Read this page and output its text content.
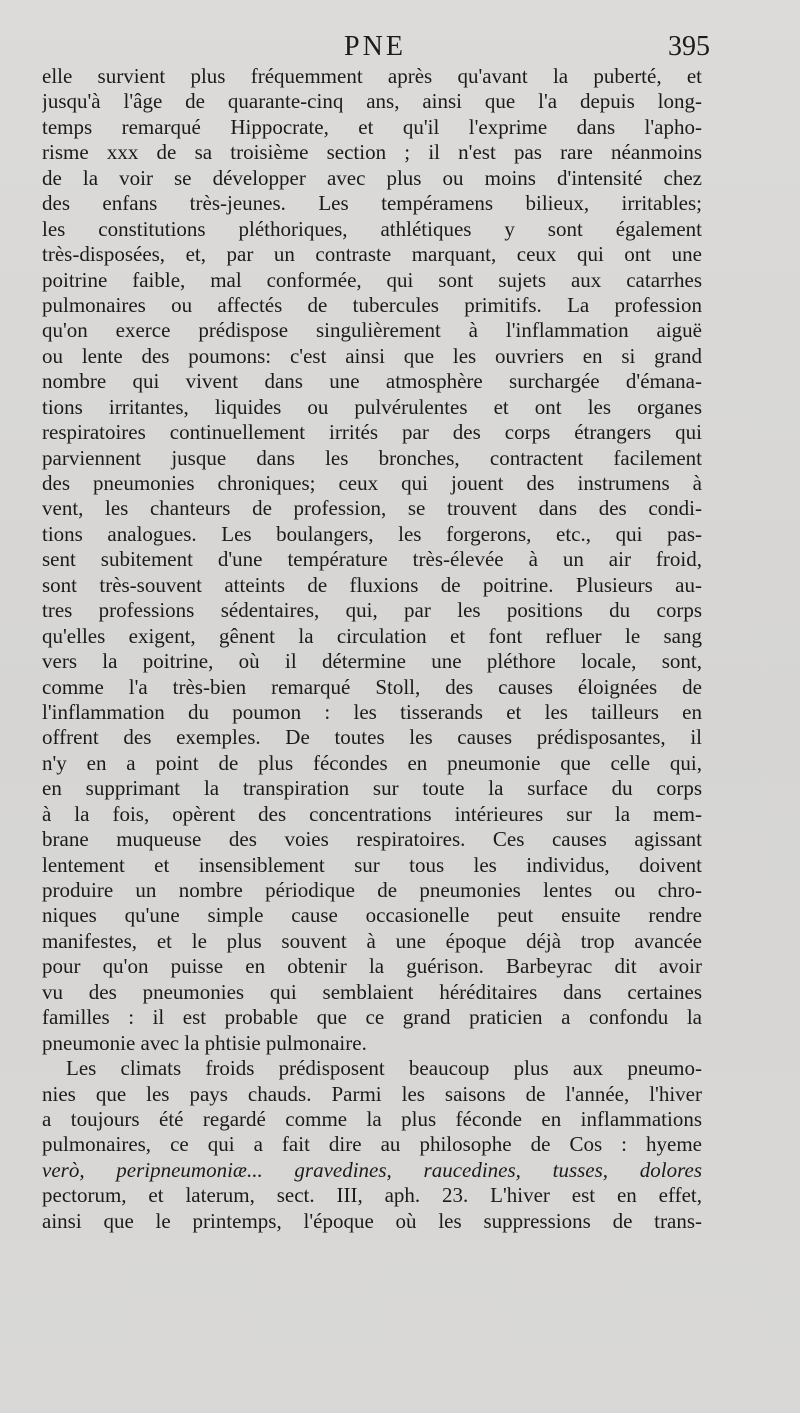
PNE	395
elle survient plus fréquemment après qu'avant la puberté, et
jusqu'à l'âge de quarante-cinq ans, ainsi que l'a depuis long-
temps remarqué Hippocrate, et qu'il l'exprime dans l'apho-
risme xxx de sa troisième section ; il n'est pas rare néanmoins
de la voir se développer avec plus ou moins d'intensité chez
des enfans très-jeunes. Les tempéramens bilieux, irritables;
les constitutions pléthoriques, athlétiques y sont également
très-disposées, et, par un contraste marquant, ceux qui ont une
poitrine faible, mal conformée, qui sont sujets aux catarrhes
pulmonaires ou affectés de tubercules primitifs. La profession
qu'on exerce prédispose singulièrement à l'inflammation aiguë
ou lente des poumons: c'est ainsi que les ouvriers en si grand
nombre qui vivent dans une atmosphère surchargée d'émana-
tions irritantes, liquides ou pulvérulentes et ont les organes
respiratoires continuellement irrités par des corps étrangers qui
parviennent jusque dans les bronches, contractent facilement
des pneumonies chroniques; ceux qui jouent des instrumens à
vent, les chanteurs de profession, se trouvent dans des condi-
tions analogues. Les boulangers, les forgerons, etc., qui pas-
sent subitement d'une température très-élevée à un air froid,
sont très-souvent atteints de fluxions de poitrine. Plusieurs au-
tres professions sédentaires, qui, par les positions du corps
qu'elles exigent, gênent la circulation et font refluer le sang
vers la poitrine, où il détermine une pléthore locale, sont,
comme l'a très-bien remarqué Stoll, des causes éloignées de
l'inflammation du poumon : les tisserands et les tailleurs en
offrent des exemples. De toutes les causes prédisposantes, il
n'y en a point de plus fécondes en pneumonie que celle qui,
en supprimant la transpiration sur toute la surface du corps
à la fois, opèrent des concentrations intérieures sur la mem-
brane muqueuse des voies respiratoires. Ces causes agissant
lentement et insensiblement sur tous les individus, doivent
produire un nombre périodique de pneumonies lentes ou chro-
niques qu'une simple cause occasionelle peut ensuite rendre
manifestes, et le plus souvent à une époque déjà trop avancée
pour qu'on puisse en obtenir la guérison. Barbeyrac dit avoir
vu des pneumonies qui semblaient héréditaires dans certaines
familles : il est probable que ce grand praticien a confondu la
pneumonie avec la phtisie pulmonaire.
Les climats froids prédisposent beaucoup plus aux pneumo-
nies que les pays chauds. Parmi les saisons de l'année, l'hiver
a toujours été regardé comme la plus féconde en inflammations
pulmonaires, ce qui a fait dire au philosophe de Cos : hyeme
verò, peripneumoniæ... gravedines, raucedines, tusses, dolores
pectorum, et laterum, sect. III, aph. 23. L'hiver est en effet,
ainsi que le printemps, l'époque où les suppressions de trans-
